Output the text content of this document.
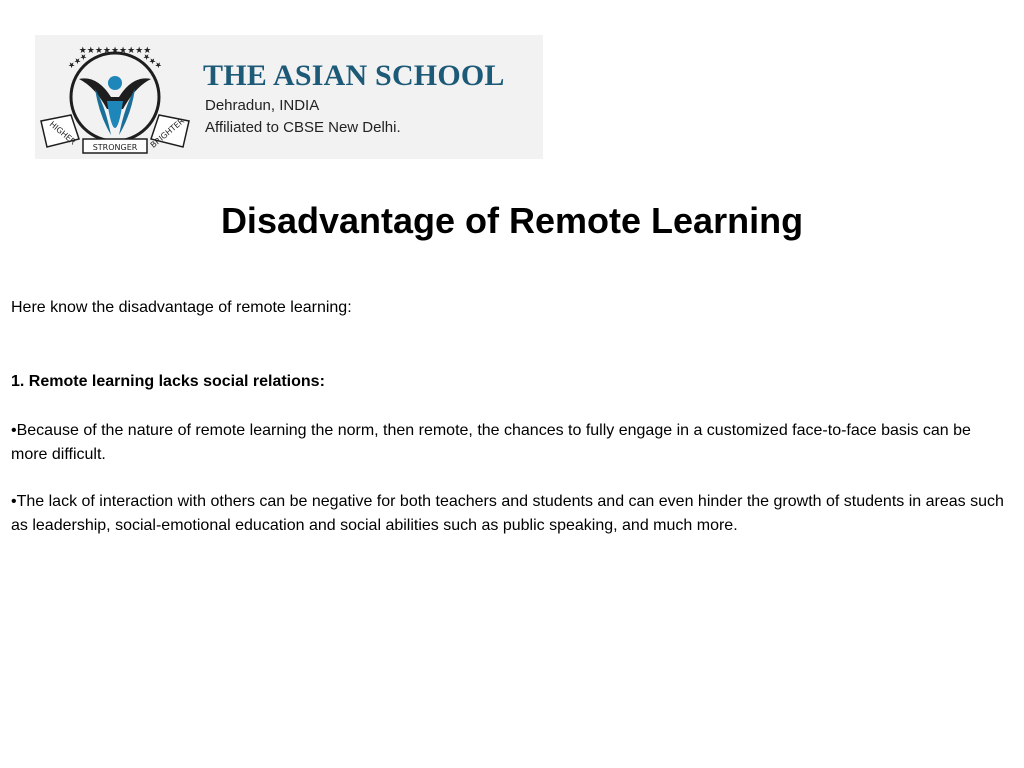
★★★★★★★★★
★★★	★★★
HIGHER
STRONGER BRIGHTER
THE ASIAN SCHOOL
Dehradun, INDIA
Affiliated to CBSE New Delhi.
Disadvantage of Remote Learning

Here know the disadvantage of remote learning:

1. Remote learning lacks social relations:

•Because of the nature of remote learning the norm, then remote, the chances to fully engage in a customized face-to-face basis can be more difficult.

•The lack of interaction with others can be negative for both teachers and students and can even hinder the growth of students in areas such as leadership, social-emotional education and social abilities such as public speaking, and much more.
